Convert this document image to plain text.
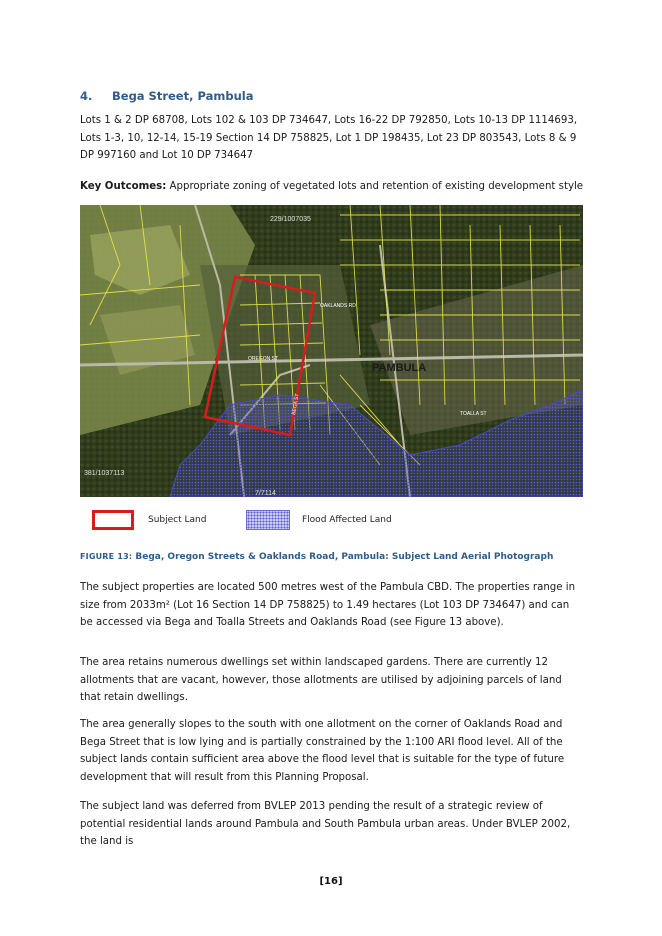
4. Bega Street, Pambula
Lots 1 & 2 DP 68708, Lots 102 & 103 DP 734647, Lots 16-22 DP 792850, Lots 10-13 DP 1114693, Lots 1-3, 10, 12-14, 15-19 Section 14 DP 758825, Lot 1 DP 198435, Lot 23 DP 803543, Lots 8 & 9 DP 997160 and Lot 10 DP 734647
Key Outcomes: Appropriate zoning of vegetated lots and retention of existing development style
PAMBULA
229/1007035
381/1037113
7/7114
OREGON ST
BEGA ST
OAKLANDS RD
TOALLA ST
Subject Land	Flood Affected Land
FIGURE 13: Bega, Oregon Streets & Oaklands Road, Pambula: Subject Land Aerial Photograph
The subject properties are located 500 metres west of the Pambula CBD. The properties range in size from 2033m² (Lot 16 Section 14 DP 758825) to 1.49 hectares (Lot 103 DP 734647) and can be accessed via Bega and Toalla Streets and Oaklands Road (see Figure 13 above).
The area retains numerous dwellings set within landscaped gardens. There are currently 12 allotments that are vacant, however, those allotments are utilised by adjoining parcels of land that retain dwellings.
The area generally slopes to the south with one allotment on the corner of Oaklands Road and Bega Street that is low lying and is partially constrained by the 1:100 ARI flood level. All of the subject lands contain sufficient area above the flood level that is suitable for the type of future development that will result from this Planning Proposal.
The subject land was deferred from BVLEP 2013 pending the result of a strategic review of potential residential lands around Pambula and South Pambula urban areas. Under BVLEP 2002, the land is
[16]
